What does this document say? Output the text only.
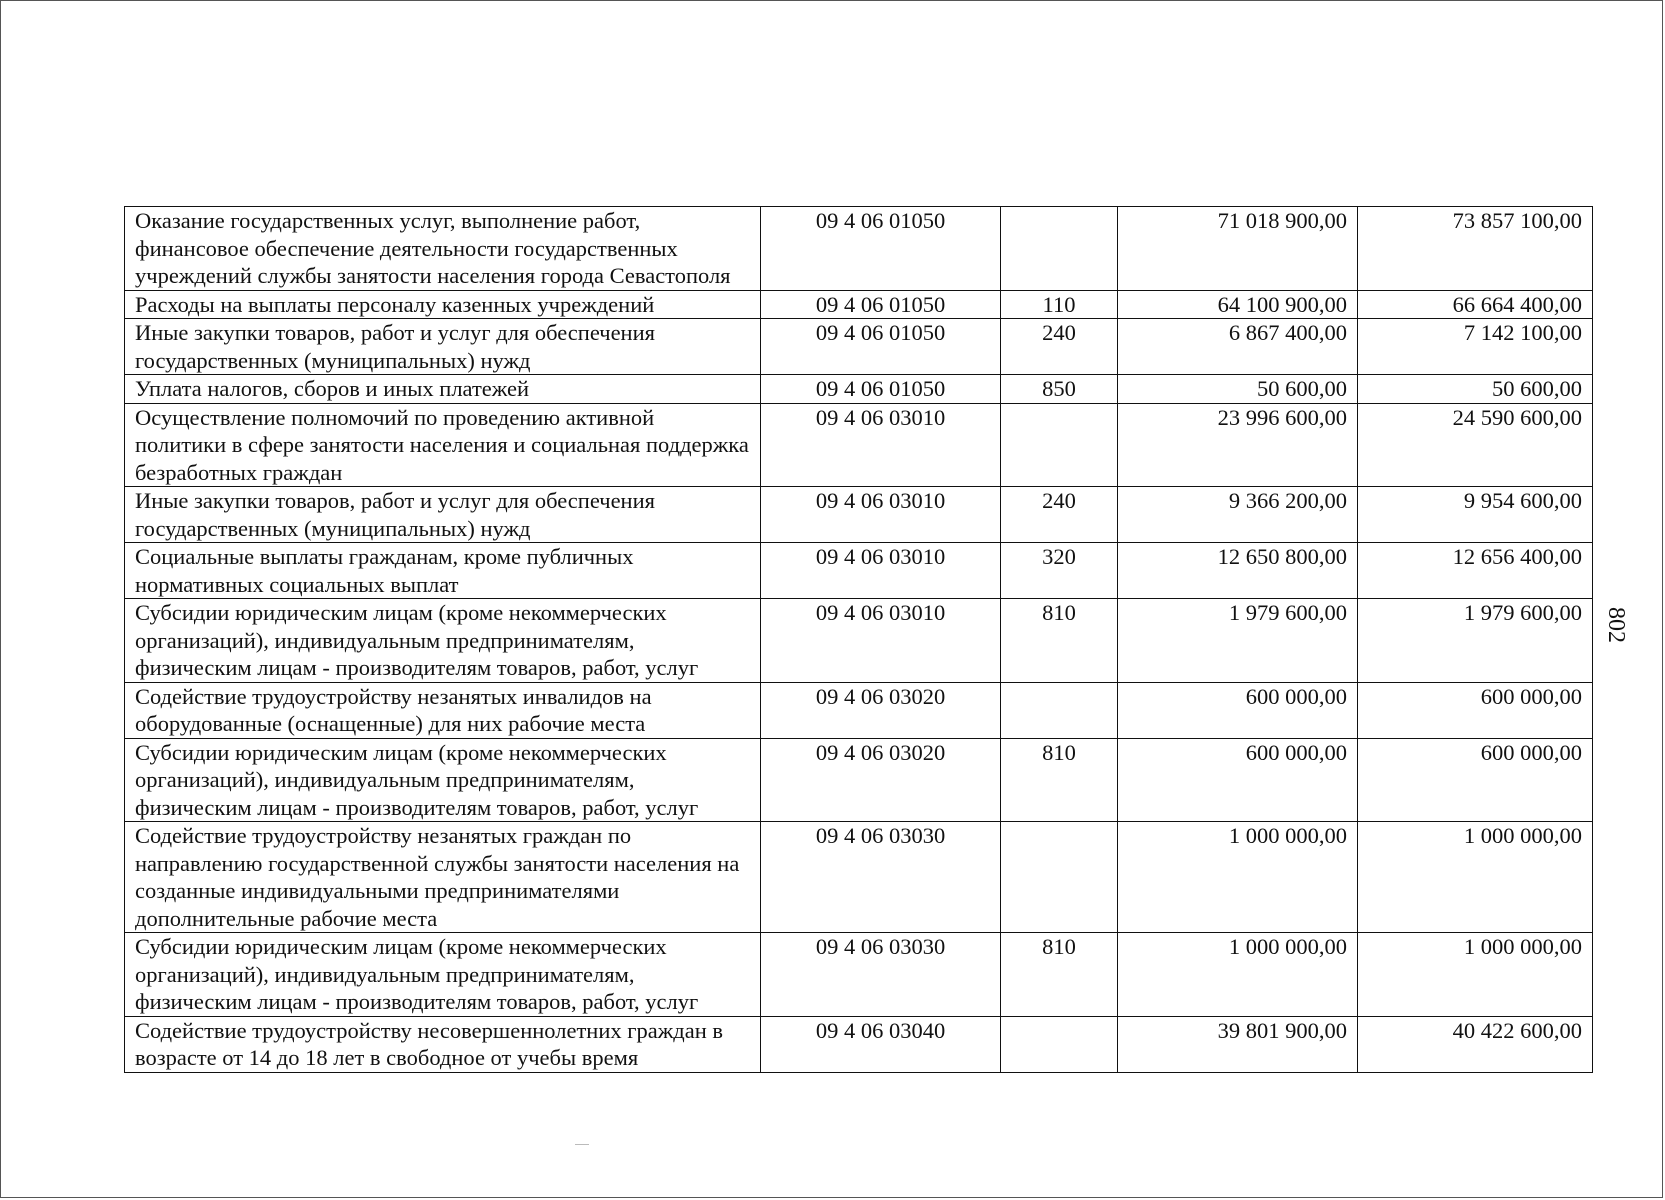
Оказание государственных услуг, выполнение работ, финансовое обеспечение деятельности государственных учреждений службы занятости населения города Севастополя	09 4 06 01050		71 018 900,00	73 857 100,00
Расходы на выплаты персоналу казенных учреждений	09 4 06 01050	110	64 100 900,00	66 664 400,00
Иные закупки товаров, работ и услуг для обеспечения государственных (муниципальных) нужд	09 4 06 01050	240	6 867 400,00	7 142 100,00
Уплата налогов, сборов и иных платежей	09 4 06 01050	850	50 600,00	50 600,00
Осуществление полномочий по проведению активной политики в сфере занятости населения и социальная поддержка безработных граждан	09 4 06 03010		23 996 600,00	24 590 600,00
Иные закупки товаров, работ и услуг для обеспечения государственных (муниципальных) нужд	09 4 06 03010	240	9 366 200,00	9 954 600,00
Социальные выплаты гражданам, кроме публичных нормативных социальных выплат	09 4 06 03010	320	12 650 800,00	12 656 400,00
Субсидии юридическим лицам (кроме некоммерческих организаций), индивидуальным предпринимателям, физическим лицам - производителям товаров, работ, услуг	09 4 06 03010	810	1 979 600,00	1 979 600,00
Содействие трудоустройству незанятых инвалидов на оборудованные (оснащенные) для них рабочие места	09 4 06 03020		600 000,00	600 000,00
Субсидии юридическим лицам (кроме некоммерческих организаций), индивидуальным предпринимателям, физическим лицам - производителям товаров, работ, услуг	09 4 06 03020	810	600 000,00	600 000,00
Содействие трудоустройству незанятых граждан по направлению государственной службы занятости населения на созданные индивидуальными предпринимателями дополнительные рабочие места	09 4 06 03030		1 000 000,00	1 000 000,00
Субсидии юридическим лицам (кроме некоммерческих организаций), индивидуальным предпринимателям, физическим лицам - производителям товаров, работ, услуг	09 4 06 03030	810	1 000 000,00	1 000 000,00
Содействие трудоустройству несовершеннолетних граждан в возрасте от 14 до 18 лет в свободное от учебы время	09 4 06 03040		39 801 900,00	40 422 600,00
802
